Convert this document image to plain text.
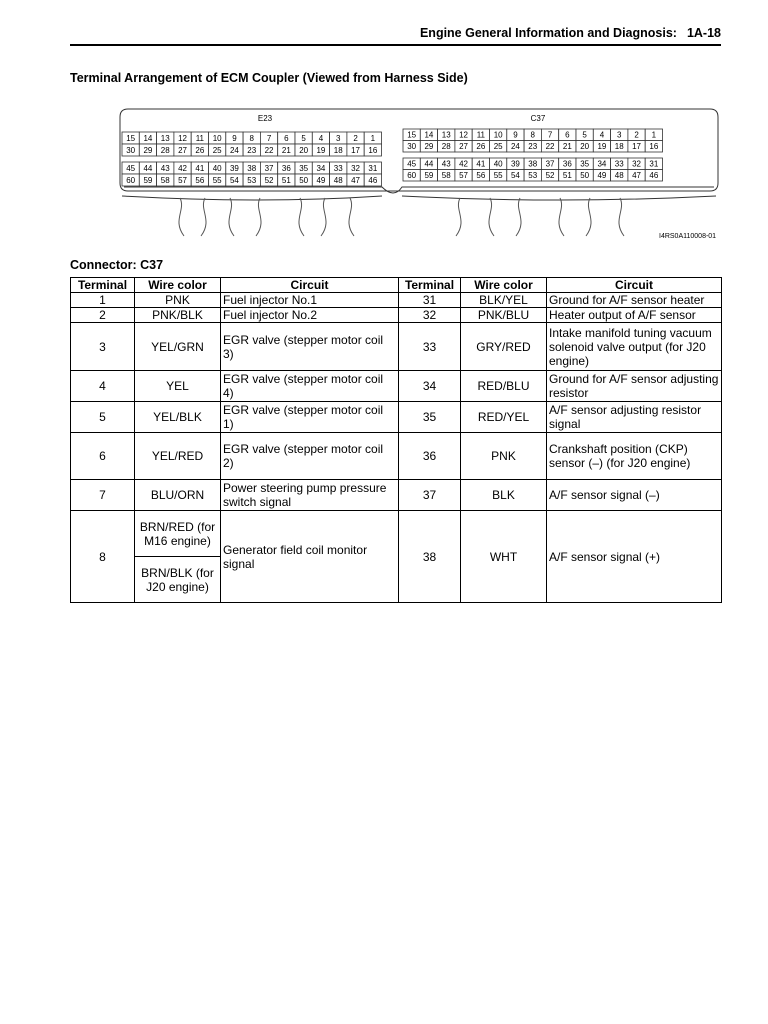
Engine General Information and Diagnosis: 1A-18
Terminal Arrangement of ECM Coupler (Viewed from Harness Side)
E23	C37
15 14 13 12 11 10 9 8 7 6 5 4 3 2 1
30 29 28 27 26 25 24 23 22 21 20 19 18 17 16
45 44 43 42 41 40 39 38 37 36 35 34 33 32 31
60 59 58 57 56 55 54 53 52 51 50 49 48 47 46
15 14 13 12 11 10 9 8 7 6 5 4 3 2 1
30 29 28 27 26 25 24 23 22 21 20 19 18 17 16
45 44 43 42 41 40 39 38 37 36 35 34 33 32 31
60 59 58 57 56 55 54 53 52 51 50 49 48 47 46
I4RS0A110008-01
Connector: C37
Terminal	Wire color	Circuit	Terminal	Wire color	Circuit
1	PNK	Fuel injector No.1	31	BLK/YEL	Ground for A/F sensor heater
2	PNK/BLK	Fuel injector No.2	32	PNK/BLU	Heater output of A/F sensor
3	YEL/GRN	EGR valve (stepper motor coil 3)	33	GRY/RED	Intake manifold tuning vacuum solenoid valve output (for J20 engine)
4	YEL	EGR valve (stepper motor coil 4)	34	RED/BLU	Ground for A/F sensor adjusting resistor
5	YEL/BLK	EGR valve (stepper motor coil 1)	35	RED/YEL	A/F sensor adjusting resistor signal
6	YEL/RED	EGR valve (stepper motor coil 2)	36	PNK	Crankshaft position (CKP) sensor (–) (for J20 engine)
7	BLU/ORN	Power steering pump pressure switch signal	37	BLK	A/F sensor signal (–)
8	BRN/RED (for M16 engine)	Generator field coil monitor signal	38	WHT	A/F sensor signal (+)
	BRN/BLK (for J20 engine)				
